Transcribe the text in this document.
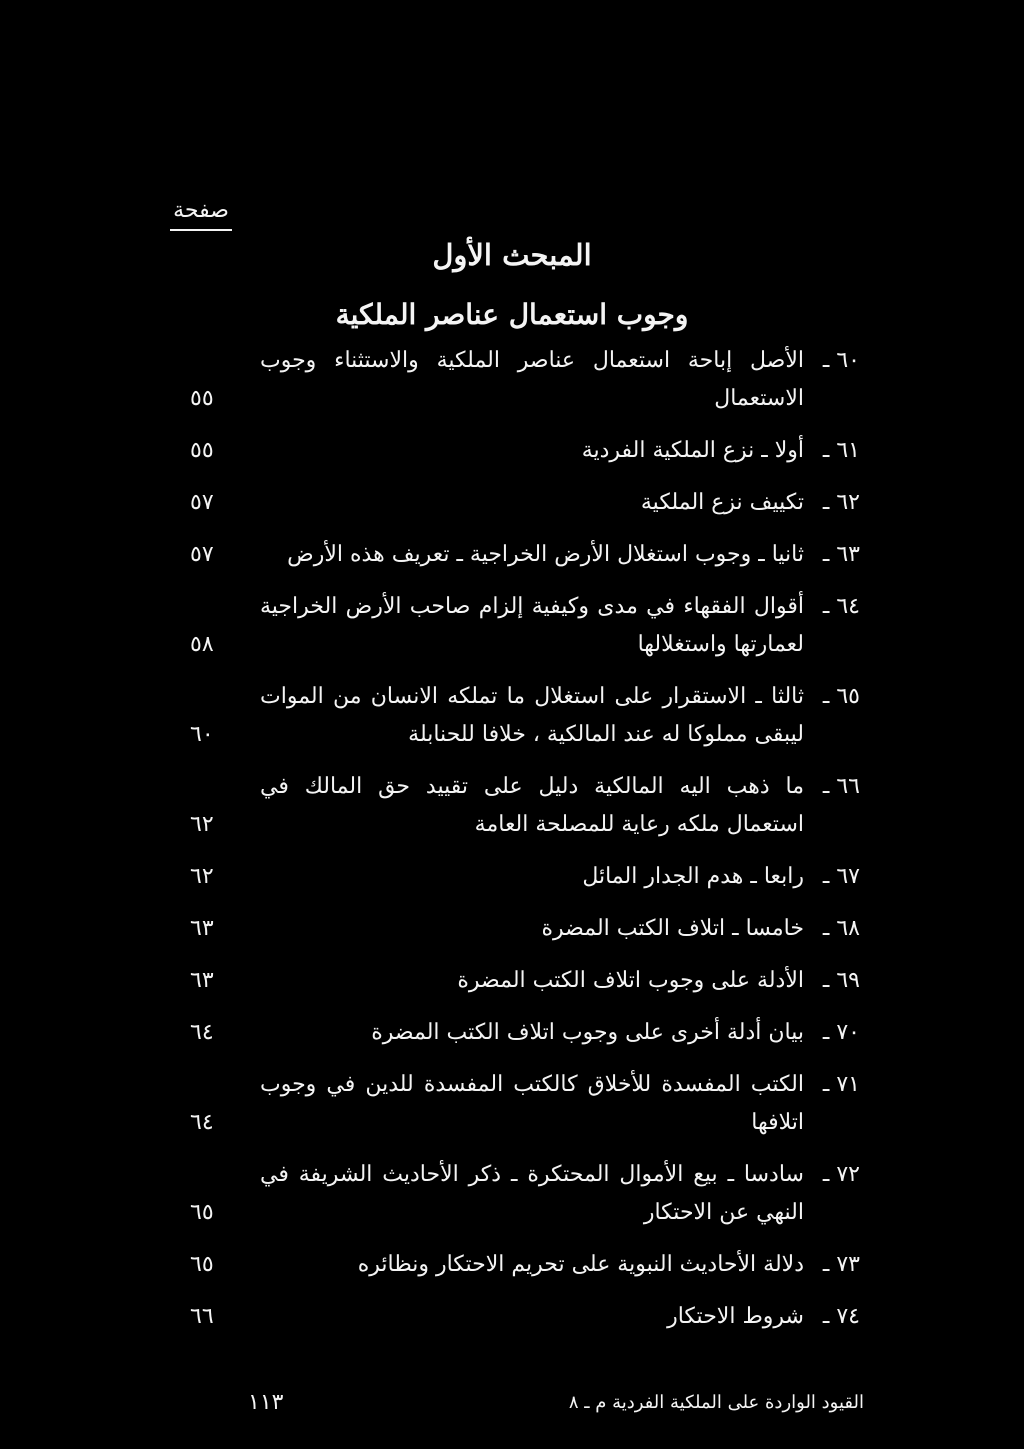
صفحة
المبحث الأول
وجوب استعمال عناصر الملكية
٦٠ ـ
الأصل إباحة استعمال عناصر الملكية والاستثناء وجوب الاستعمال
٥٥
٦١ ـ
أولا ـ نزع الملكية الفردية
٥٥
٦٢ ـ
تكييف نزع الملكية
٥٧
٦٣ ـ
ثانيا ـ وجوب استغلال الأرض الخراجية ـ تعريف هذه الأرض
٥٧
٦٤ ـ
أقوال الفقهاء في مدى وكيفية إلزام صاحب الأرض الخراجية لعمارتها واستغلالها
٥٨
٦٥ ـ
ثالثا ـ الاستقرار على استغلال ما تملكه الانسان من الموات ليبقى مملوكا له عند المالكية ، خلافا للحنابلة
٦٠
٦٦ ـ
ما ذهب اليه المالكية دليل على تقييد حق المالك في استعمال ملكه رعاية للمصلحة العامة
٦٢
٦٧ ـ
رابعا ـ هدم الجدار المائل
٦٢
٦٨ ـ
خامسا ـ اتلاف الكتب المضرة
٦٣
٦٩ ـ
الأدلة على وجوب اتلاف الكتب المضرة
٦٣
٧٠ ـ
بيان أدلة أخرى على وجوب اتلاف الكتب المضرة
٦٤
٧١ ـ
الكتب المفسدة للأخلاق كالكتب المفسدة للدين في وجوب اتلافها
٦٤
٧٢ ـ
سادسا ـ بيع الأموال المحتكرة ـ ذكر الأحاديث الشريفة في النهي عن الاحتكار
٦٥
٧٣ ـ
دلالة الأحاديث النبوية على تحريم الاحتكار ونظائره
٦٥
٧٤ ـ
شروط الاحتكار
٦٦
١١٣	القيود الواردة على الملكية الفردية م ـ ٨
